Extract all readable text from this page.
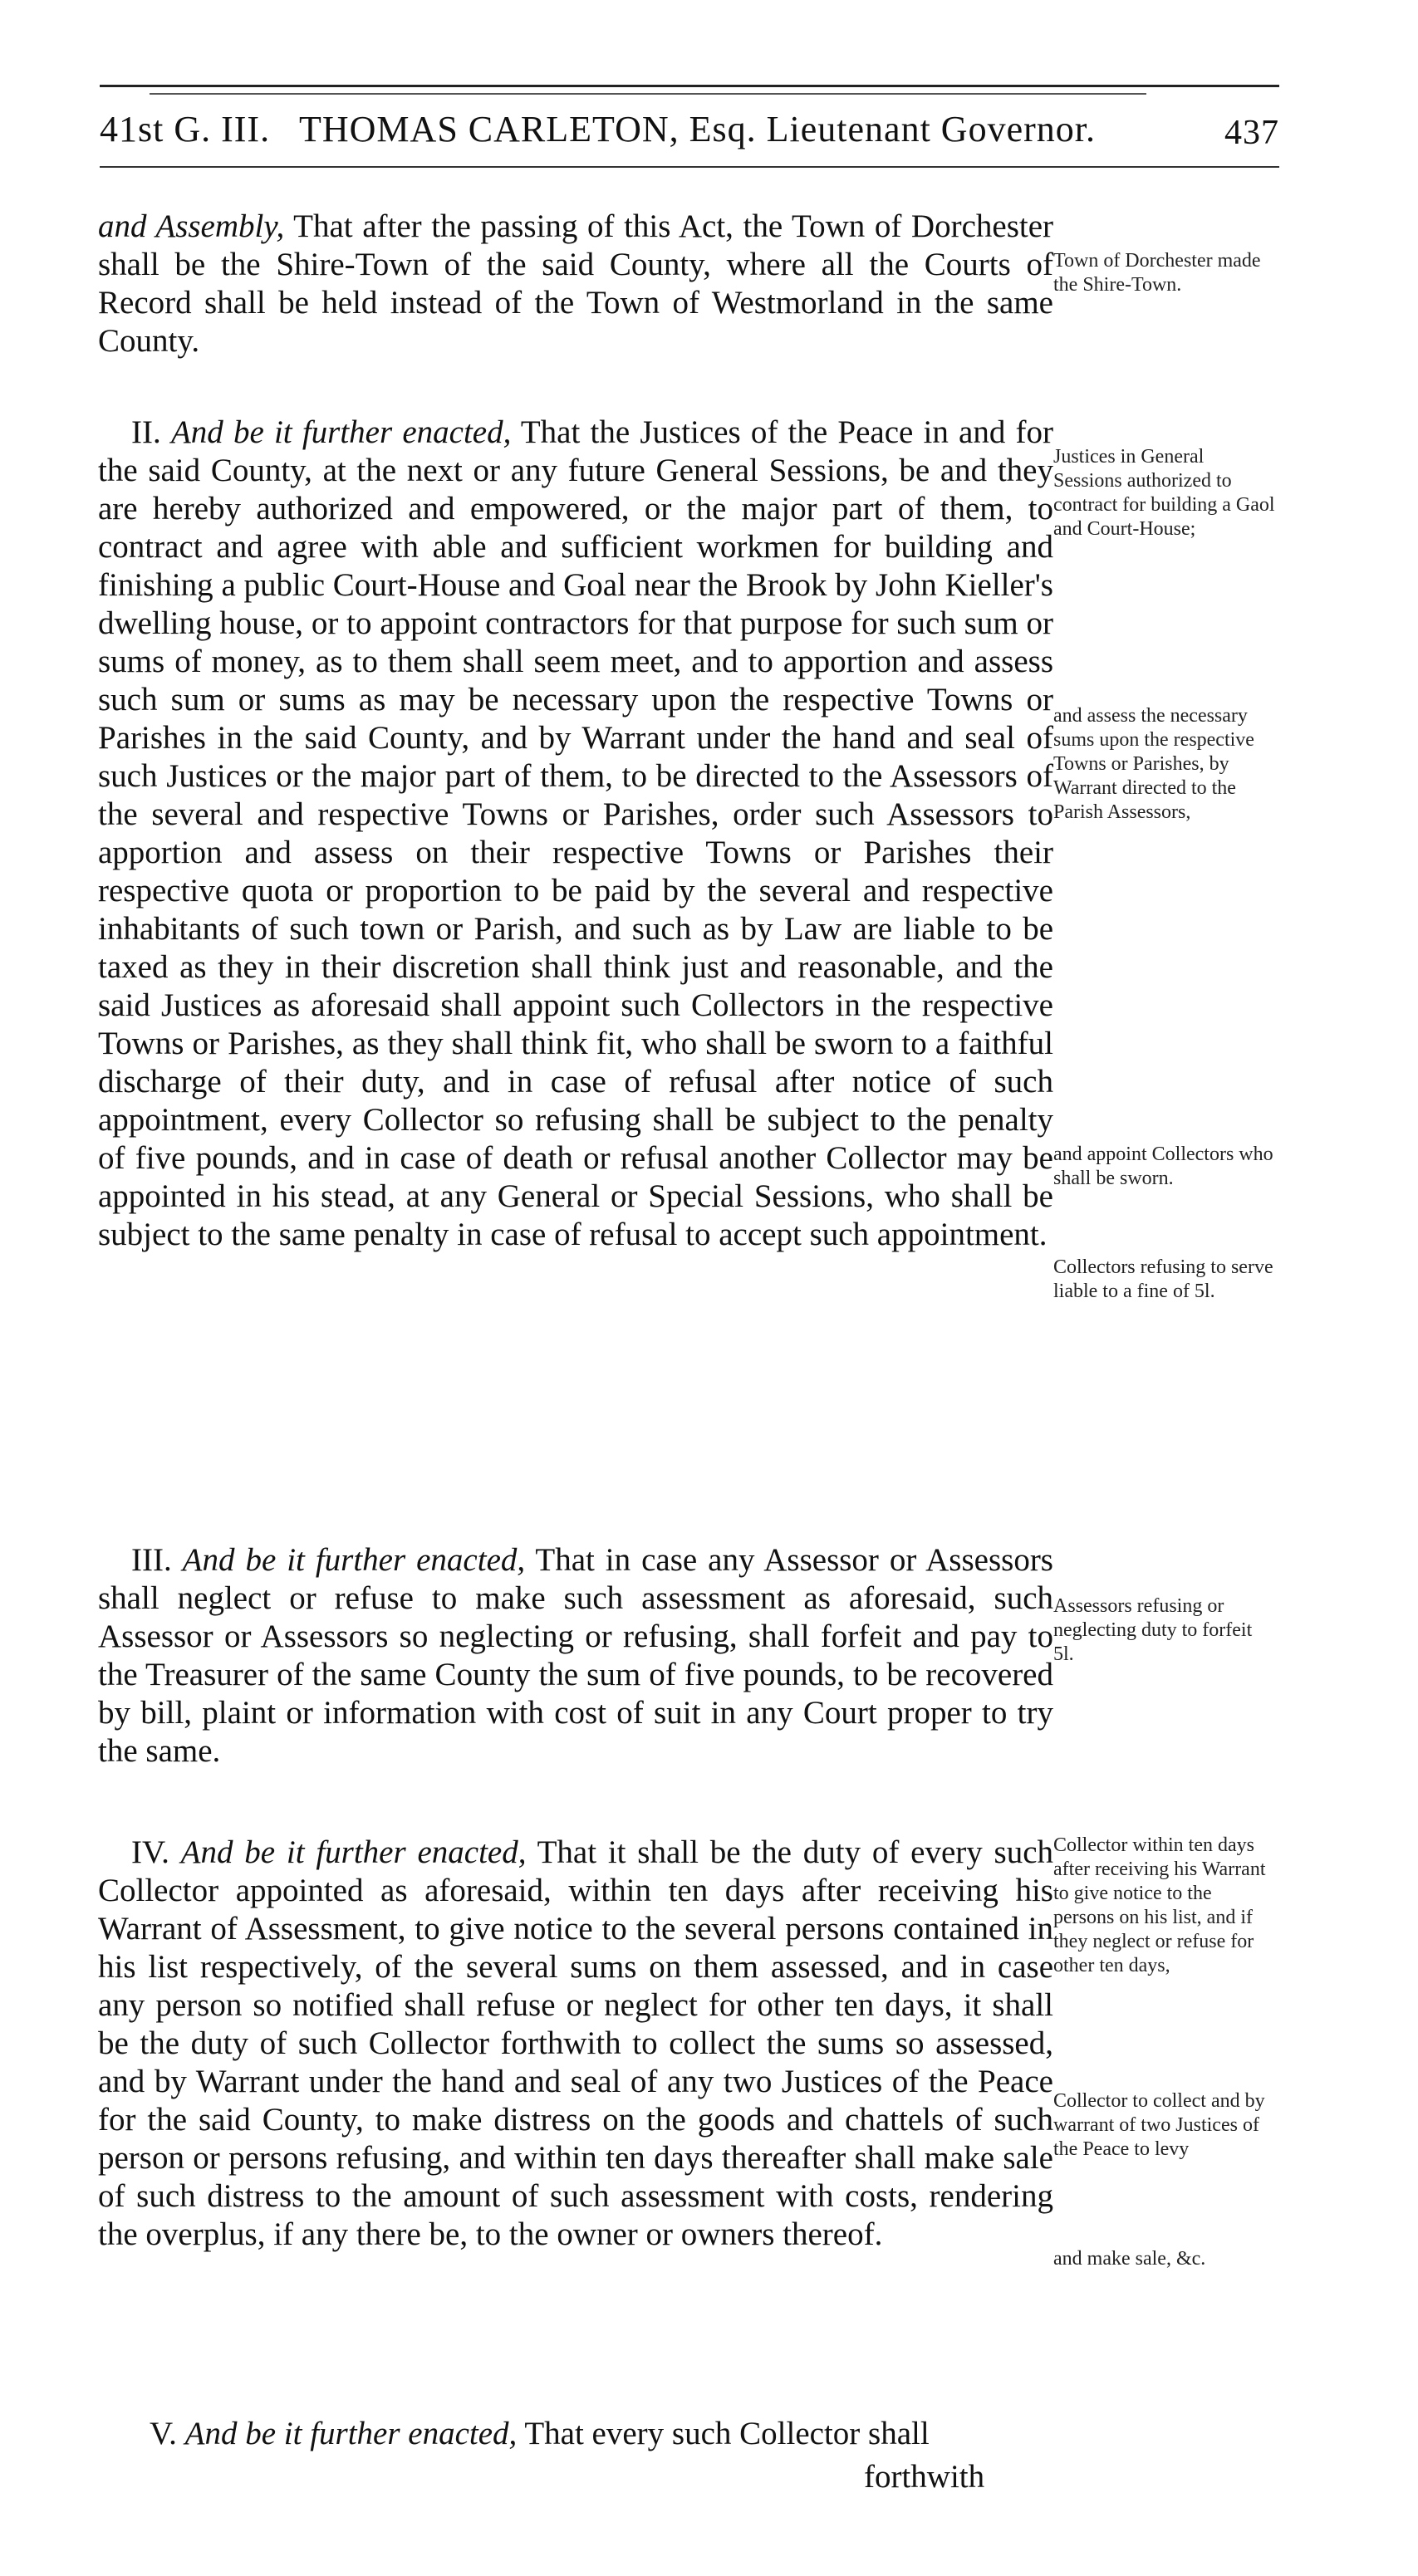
41st G. III. THOMAS CARLETON, Esq. Lieutenant Governor.	437
and Assembly, That after the passing of this Act, the Town of Dorchester shall be the Shire-Town of the said County, where all the Courts of Record shall be held instead of the Town of Westmorland in the same County.
II. And be it further enacted, That the Justices of the Peace in and for the said County, at the next or any future General Sessions, be and they are hereby authorized and empowered, or the major part of them, to contract and agree with able and sufficient workmen for building and finishing a public Court-House and Goal near the Brook by John Kieller's dwelling house, or to appoint contractors for that purpose for such sum or sums of money, as to them shall seem meet, and to apportion and assess such sum or sums as may be necessary upon the respective Towns or Parishes in the said County, and by Warrant under the hand and seal of such Justices or the major part of them, to be directed to the Assessors of the several and respective Towns or Parishes, order such Assessors to apportion and assess on their respective Towns or Parishes their respective quota or proportion to be paid by the several and respective inhabitants of such town or Parish, and such as by Law are liable to be taxed as they in their discretion shall think just and reasonable, and the said Justices as aforesaid shall appoint such Collectors in the respective Towns or Parishes, as they shall think fit, who shall be sworn to a faithful discharge of their duty, and in case of refusal after notice of such appointment, every Collector so refusing shall be subject to the penalty of five pounds, and in case of death or refusal another Collector may be appointed in his stead, at any General or Special Sessions, who shall be subject to the same penalty in case of refusal to accept such appointment.
III. And be it further enacted, That in case any Assessor or Assessors shall neglect or refuse to make such assessment as aforesaid, such Assessor or Assessors so neglecting or refusing, shall forfeit and pay to the Treasurer of the same County the sum of five pounds, to be recovered by bill, plaint or information with cost of suit in any Court proper to try the same.
IV. And be it further enacted, That it shall be the duty of every such Collector appointed as aforesaid, within ten days after receiving his Warrant of Assessment, to give notice to the several persons contained in his list respectively, of the several sums on them assessed, and in case any person so notified shall refuse or neglect for other ten days, it shall be the duty of such Collector forthwith to collect the sums so assessed, and by Warrant under the hand and seal of any two Justices of the Peace for the said County, to make distress on the goods and chattels of such person or persons refusing, and within ten days thereafter shall make sale of such distress to the amount of such assessment with costs, rendering the overplus, if any there be, to the owner or owners thereof.
V. And be it further enacted, That every such Collector shall
forthwith
Town of Dorchester made the Shire-Town.
Justices in General Sessions authorized to contract for building a Gaol and Court-House;
and assess the necessary sums upon the respective Towns or Parishes, by Warrant directed to the Parish Assessors,
and appoint Collectors who shall be sworn.
Collectors refusing to serve liable to a fine of 5l.
Assessors refusing or neglecting duty to forfeit 5l.
Collector within ten days after receiving his Warrant to give notice to the persons on his list, and if they neglect or refuse for other ten days,
Collector to collect and by warrant of two Justices of the Peace to levy
and make sale, &c.
